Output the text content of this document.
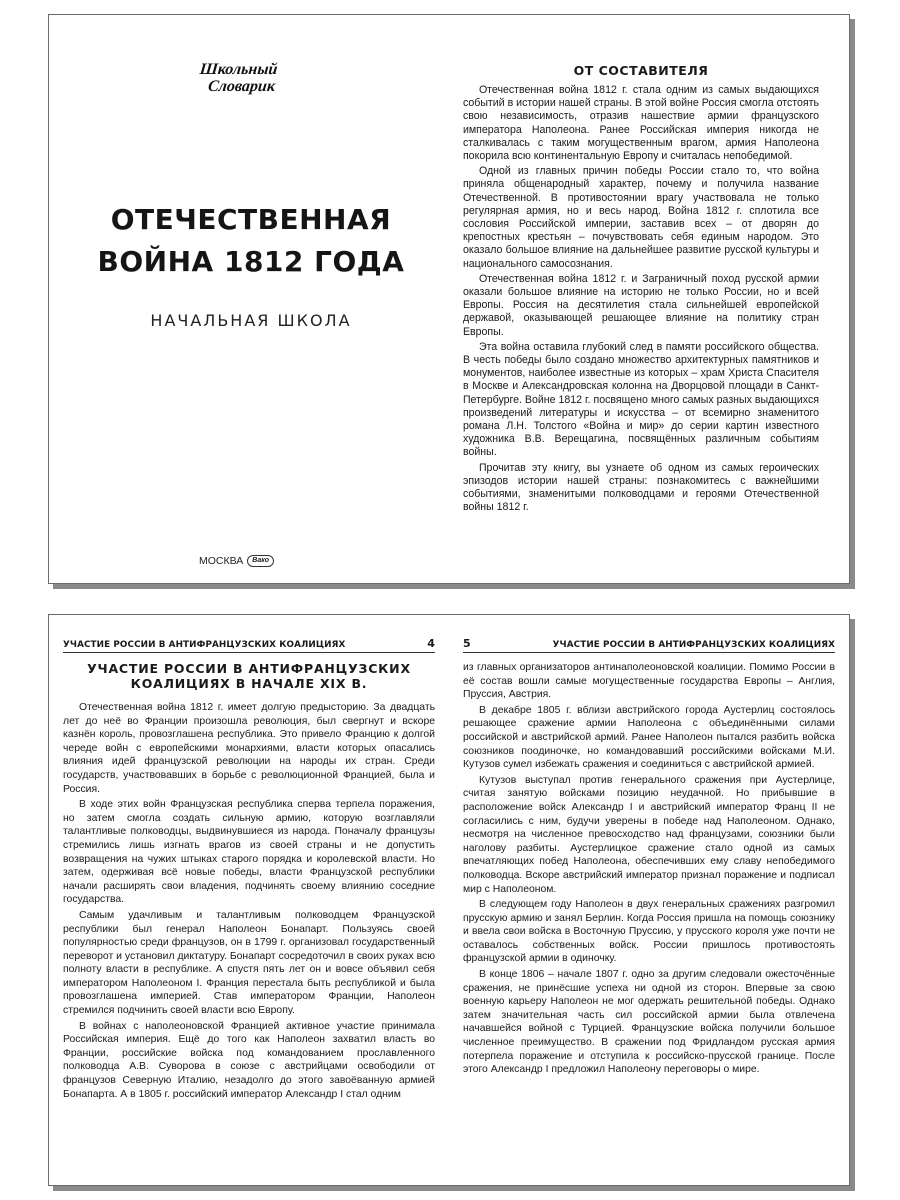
Школьный
Словарик
ОТЕЧЕСТВЕННАЯ
ВОЙНА 1812 ГОДА
НАЧАЛЬНАЯ ШКОЛА
МОСКВА	Вако
ОТ СОСТАВИТЕЛЯ

Отечественная война 1812 г. стала одним из самых выдающихся событий в истории нашей страны. В этой войне Россия смогла отстоять свою независимость, отразив нашествие армии французского императора Наполеона. Ранее Российская империя никогда не сталкивалась с таким могущественным врагом, армия Наполеона покорила всю континентальную Европу и считалась непобедимой.

Одной из главных причин победы России стало то, что война приняла общенародный характер, почему и получила название Отечественной. В противостоянии врагу участвовала не только регулярная армия, но и весь народ. Война 1812 г. сплотила все сословия Российской империи, заставив всех – от дворян до крепостных крестьян – почувствовать себя единым народом. Это оказало большое влияние на дальнейшее развитие русской культуры и национального самосознания.

Отечественная война 1812 г. и Заграничный поход русской армии оказали большое влияние на историю не только России, но и всей Европы. Россия на десятилетия стала сильнейшей европейской державой, оказывающей решающее влияние на политику стран Европы.

Эта война оставила глубокий след в памяти российского общества. В честь победы было создано множество архитектурных памятников и монументов, наиболее известные из которых – храм Христа Спасителя в Москве и Александровская колонна на Дворцовой площади в Санкт-Петербурге. Войне 1812 г. посвящено много самых разных выдающихся произведений литературы и искусства – от всемирно знаменитого романа Л.Н. Толстого «Война и мир» до серии картин известного художника В.В. Верещагина, посвящённых различным событиям войны.

Прочитав эту книгу, вы узнаете об одном из самых героических эпизодов истории нашей страны: познакомитесь с важнейшими событиями, знаменитыми полководцами и героями Отечественной войны 1812 г.

УЧАСТИЕ РОССИИ В АНТИФРАНЦУЗСКИХ КОАЛИЦИЯХ	4
УЧАСТИЕ РОССИИ В АНТИФРАНЦУЗСКИХ
КОАЛИЦИЯХ В НАЧАЛЕ XIX В.

Отечественная война 1812 г. имеет долгую предысторию. За двадцать лет до неё во Франции произошла революция, был свергнут и вскоре казнён король, провозглашена республика. Это привело Францию к долгой череде войн с европейскими монархиями, власти которых опасались влияния идей французской революции на народы их стран. Среди государств, участвовавших в борьбе с революционной Францией, была и Россия.

В ходе этих войн Французская республика сперва терпела поражения, но затем смогла создать сильную армию, которую возглавляли талантливые полководцы, выдвинувшиеся из народа. Поначалу французы стремились лишь изгнать врагов из своей страны и не допустить возвращения на чужих штыках старого порядка и королевской власти. Но затем, одерживая всё новые победы, власти Французской республики начали расширять свои владения, подчинять своему влиянию соседние государства.

Самым удачливым и талантливым полководцем Французской республики был генерал Наполеон Бонапарт. Пользуясь своей популярностью среди французов, он в 1799 г. организовал государственный переворот и установил диктатуру. Бонапарт сосредоточил в своих руках всю полноту власти в республике. А спустя пять лет он и вовсе объявил себя императором Наполеоном I. Франция перестала быть республикой и была провозглашена империей. Став императором Франции, Наполеон стремился подчинить своей власти всю Европу.

В войнах с наполеоновской Францией активное участие принимала Российская империя. Ещё до того как Наполеон захватил власть во Франции, российские войска под командованием прославленного полководца А.В. Суворова в союзе с австрийцами освободили от французов Северную Италию, незадолго до этого завоёванную армией Бонапарта. А в 1805 г. российский император Александр I стал одним

5	УЧАСТИЕ РОССИИ В АНТИФРАНЦУЗСКИХ КОАЛИЦИЯХ

из главных организаторов антинаполеоновской коалиции. Помимо России в её состав вошли самые могущественные государства Европы – Англия, Пруссия, Австрия.

В декабре 1805 г. вблизи австрийского города Аустерлиц состоялось решающее сражение армии Наполеона с объединёнными силами российской и австрийской армий. Ранее Наполеон пытался разбить войска союзников поодиночке, но командовавший российскими войсками М.И. Кутузов сумел избежать сражения и соединиться с австрийской армией.

Кутузов выступал против генерального сражения при Аустерлице, считая занятую войсками позицию неудачной. Но прибывшие в расположение войск Александр I и австрийский император Франц II не согласились с ним, будучи уверены в победе над Наполеоном. Однако, несмотря на численное превосходство над французами, союзники были наголову разбиты. Аустерлицкое сражение стало одной из самых впечатляющих побед Наполеона, обеспечивших ему славу непобедимого полководца. Вскоре австрийский император признал поражение и подписал мир с Наполеоном.

В следующем году Наполеон в двух генеральных сражениях разгромил прусскую армию и занял Берлин. Когда Россия пришла на помощь союзнику и ввела свои войска в Восточную Пруссию, у прусского короля уже почти не оставалось собственных войск. России пришлось противостоять французской армии в одиночку.

В конце 1806 – начале 1807 г. одно за другим следовали ожесточённые сражения, не принёсшие успеха ни одной из сторон. Впервые за свою военную карьеру Наполеон не мог одержать решительной победы. Однако затем значительная часть сил российской армии была отвлечена начавшейся войной с Турцией. Французские войска получили большое численное преимущество. В сражении под Фридландом русская армия потерпела поражение и отступила к российско-прусской границе. После этого Александр I предложил Наполеону переговоры о мире.
